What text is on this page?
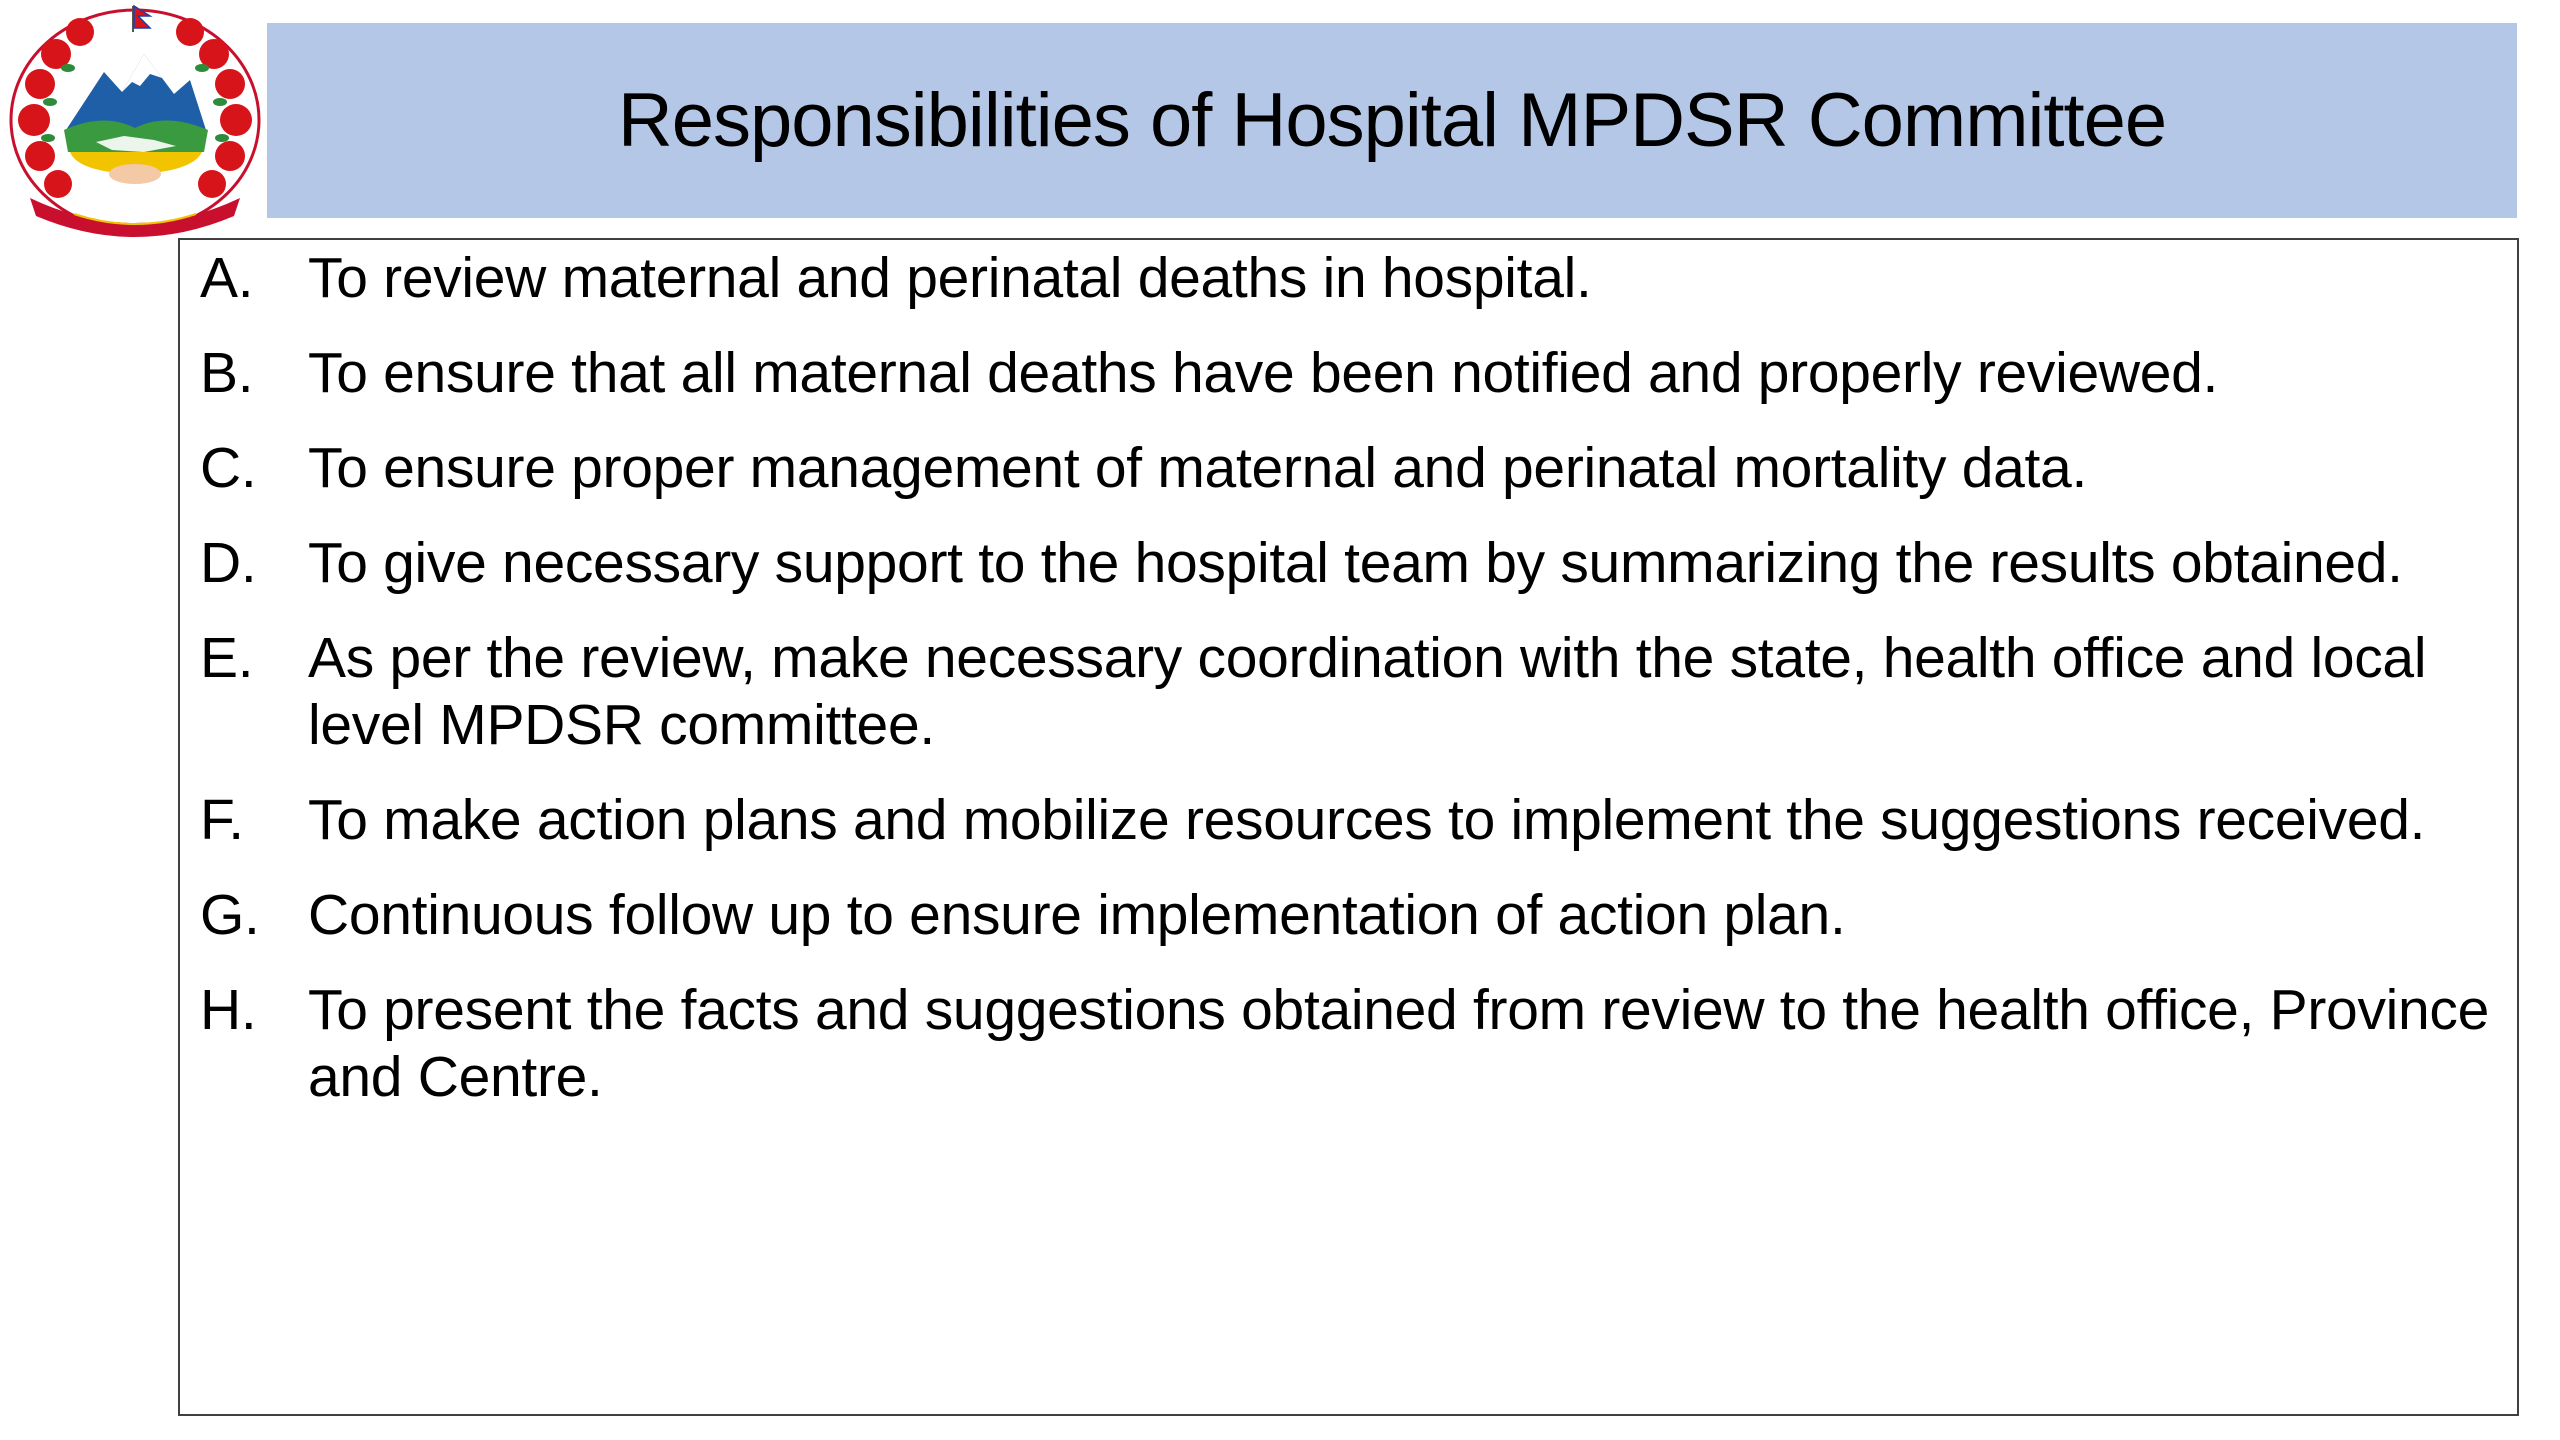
Responsibilities of Hospital MPDSR Committee
A. To review maternal and perinatal deaths in hospital.
B. To ensure that all maternal deaths have been notified and properly reviewed.
C. To ensure proper management of maternal and perinatal mortality data.
D. To give necessary support to the hospital team by summarizing the results obtained.
E. As per the review, make necessary coordination with the state, health office and local level MPDSR committee.
F.	To make action plans and mobilize resources to implement the suggestions received.
G. Continuous follow up to ensure implementation of action plan.
H. To present the facts and suggestions obtained from review to the health office, Province and Centre.
